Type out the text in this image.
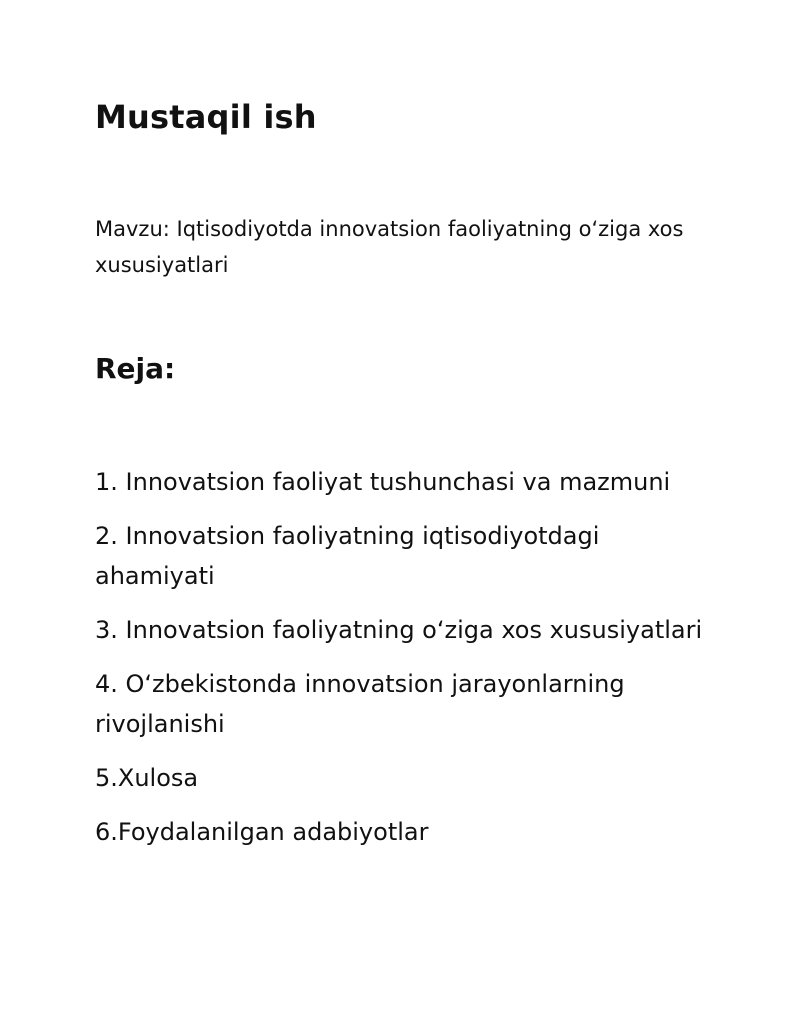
Mustaqil ish

Mavzu: Iqtisodiyotda innovatsion faoliyatning o‘ziga xos xususiyatlari

Reja:
1. Innovatsion faoliyat tushunchasi va mazmuni
2. Innovatsion faoliyatning iqtisodiyotdagi ahamiyati
3. Innovatsion faoliyatning o‘ziga xos xususiyatlari
4. O‘zbekistonda innovatsion jarayonlarning rivojlanishi
5.Xulosa
6.Foydalanilgan adabiyotlar
